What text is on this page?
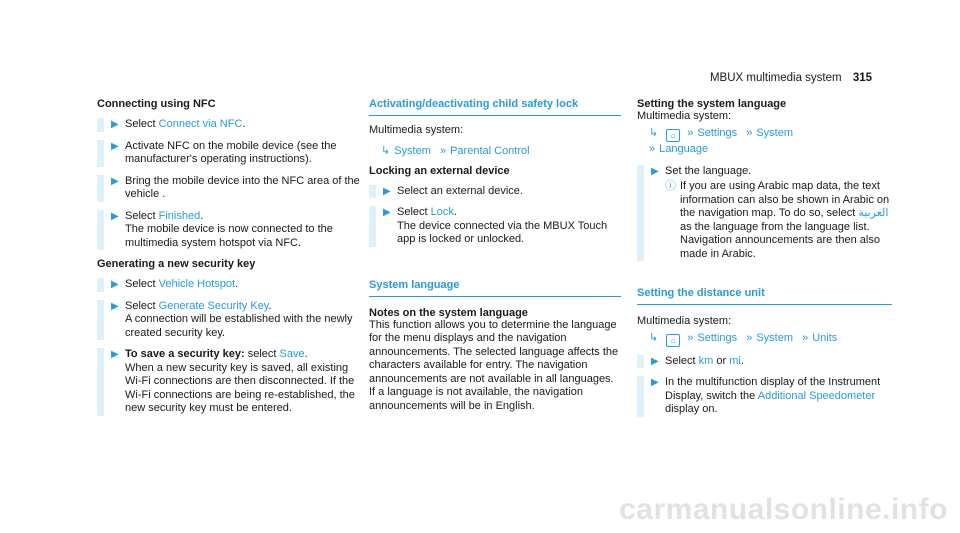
MBUX multimedia system 315
Connecting using NFC
▶ Select Connect via NFC.
▶ Activate NFC on the mobile device (see the manufacturer's operating instructions).
▶ Bring the mobile device into the NFC area of the vehicle .
▶ Select Finished.
The mobile device is now connected to the multimedia system hotspot via NFC.
Generating a new security key
▶ Select Vehicle Hotspot.
▶ Select Generate Security Key.
A connection will be established with the newly created security key.
▶ To save a security key: select Save.
When a new security key is saved, all existing Wi-Fi connections are then disconnected. If the Wi-Fi connections are being re-established, the new security key must be entered.
Activating/deactivating child safety lock
Multimedia system:
↳ System » Parental Control
Locking an external device
▶ Select an external device.
▶ Select Lock.
The device connected via the MBUX Touch app is locked or unlocked.
System language
Notes on the system language
This function allows you to determine the language for the menu displays and the navigation announcements. The selected language affects the characters available for entry. The navigation announcements are not available in all languages. If a language is not available, the navigation announcements will be in English.
Setting the system language
Multimedia system:
↳ ⌂ » Settings » System
» Language
▶ Set the language.
ⓘ If you are using Arabic map data, the text information can also be shown in Arabic on the navigation map. To do so, select العربية as the language from the language list. Navigation announcements are then also made in Arabic.
Setting the distance unit
Multimedia system:
↳ ⌂ » Settings » System » Units
▶ Select km or mi.
▶ In the multifunction display of the Instrument Display, switch the Additional Speedometer display on.
carmanualsonline.info
